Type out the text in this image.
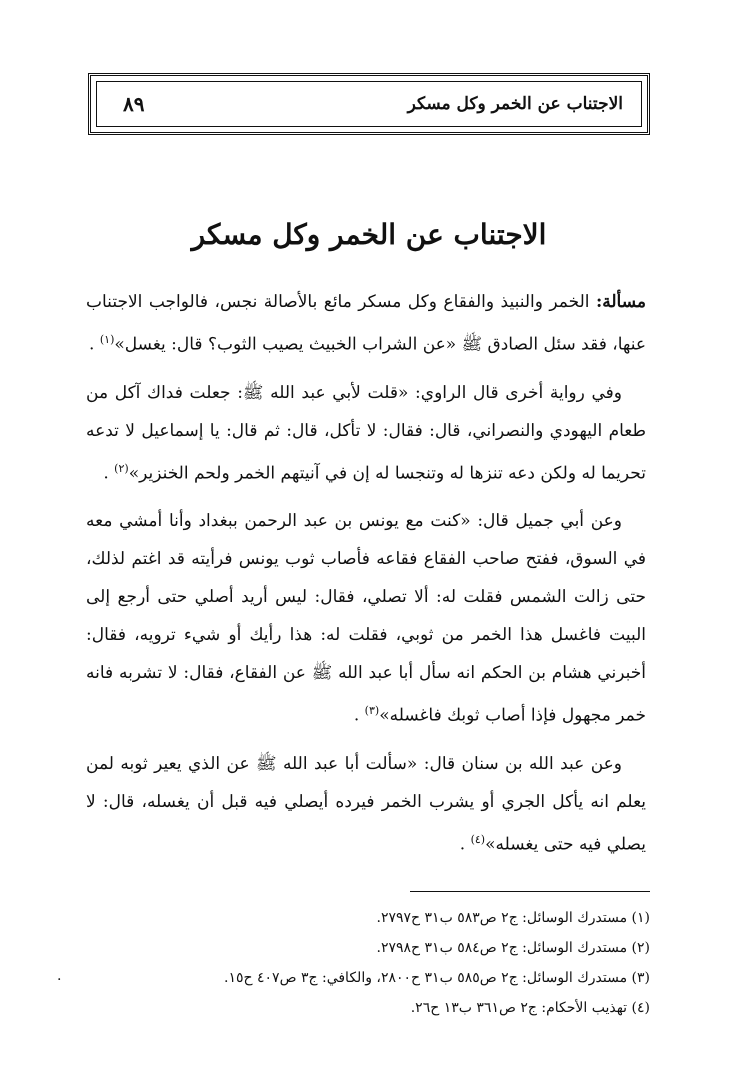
الاجتناب عن الخمر وكل مسكر
٨٩
الاجتناب عن الخمر وكل مسكر

مسألة: الخمر والنبيذ والفقاع وكل مسكر مائع بالأصالة نجس، فالواجب الاجتناب عنها، فقد سئل الصادق ﷺ «عن الشراب الخبيث يصيب الثوب؟ قال: يغسل»$^{(١)}$ .

وفي رواية أخرى قال الراوي: «قلت لأبي عبد الله ﷺ: جعلت فداك آكل من طعام اليهودي والنصراني، قال: فقال: لا تأكل، قال: ثم قال: يا إسماعيل لا تدعه تحريما له ولكن دعه تنزها له وتنجسا له إن في آنيتهم الخمر ولحم الخنزير»$^{(٢)}$ .

وعن أبي جميل قال: «كنت مع يونس بن عبد الرحمن ببغداد وأنا أمشي معه في السوق، ففتح صاحب الفقاع فقاعه فأصاب ثوب يونس فرأيته قد اغتم لذلك، حتى زالت الشمس فقلت له: ألا تصلي، فقال: ليس أريد أصلي حتى أرجع إلى البيت فاغسل هذا الخمر من ثوبي، فقلت له: هذا رأيك أو شيء ترويه، فقال: أخبرني هشام بن الحكم انه سأل أبا عبد الله ﷺ عن الفقاع، فقال: لا تشربه فانه خمر مجهول فإذا أصاب ثوبك فاغسله»$^{(٣)}$ .

وعن عبد الله بن سنان قال: «سألت أبا عبد الله ﷺ عن الذي يعير ثوبه لمن يعلم انه يأكل الجري أو يشرب الخمر فيرده أيصلي فيه قبل أن يغسله، قال: لا يصلي فيه حتى يغسله»$^{(٤)}$ .

(١) مستدرك الوسائل: ج٢ ص٥٨٣ ب٣١ ح٢٧٩٧.
(٢) مستدرك الوسائل: ج٢ ص٥٨٤ ب٣١ ح٢٧٩٨.
(٣) مستدرك الوسائل: ج٢ ص٥٨٥ ب٣١ ح٢٨٠٠، والكافي: ج٣ ص٤٠٧ ح١٥.
(٤) تهذيب الأحكام: ج٢ ص٣٦١ ب١٣ ح٢٦.
.
